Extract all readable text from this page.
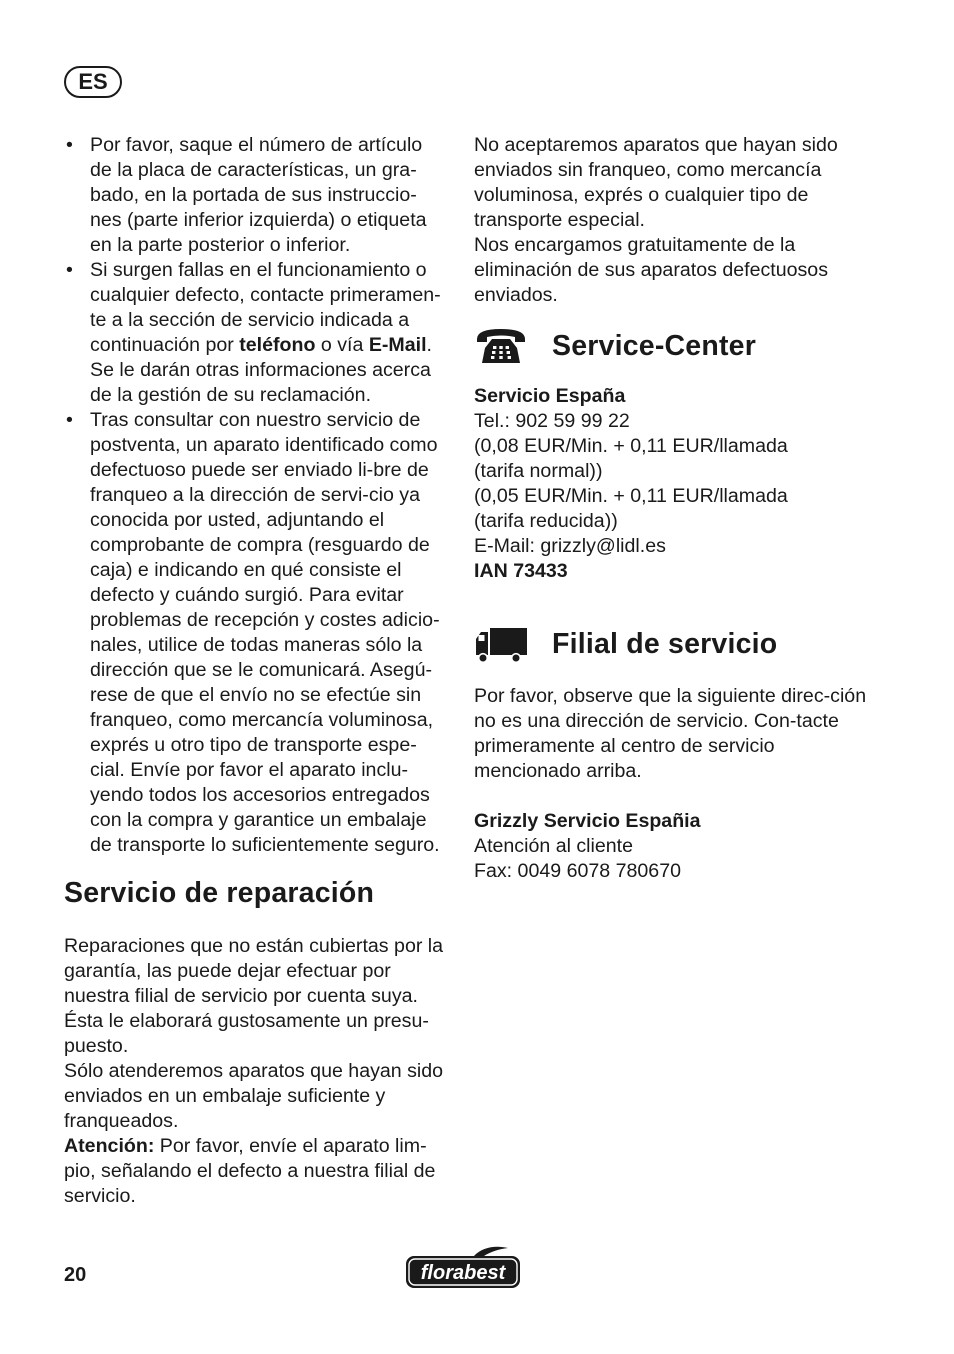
ES
• Por favor, saque el número de artículo de la placa de características, un gra-bado, en la portada de sus instruccio-nes (parte inferior izquierda) o etiqueta en la parte posterior o inferior.
• Si surgen fallas en el funcionamiento o cualquier defecto, contacte primeramen-te a la sección de servicio indicada a continuación por teléfono o vía E-Mail. Se le darán otras informaciones acerca de la gestión de su reclamación.
• Tras consultar con nuestro servicio de postventa, un aparato identificado como defectuoso puede ser enviado li-bre de franqueo a la dirección de servi-cio ya conocida por usted, adjuntando el comprobante de compra (resguardo de caja) e indicando en qué consiste el defecto y cuándo surgió. Para evitar problemas de recepción y costes adicio-nales, utilice de todas maneras sólo la dirección que se le comunicará. Asegú-rese de que el envío no se efectúe sin franqueo, como mercancía voluminosa, exprés u otro tipo de transporte espe-cial. Envíe por favor el aparato inclu-yendo todos los accesorios entregados con la compra y garantice un embalaje de transporte lo suficientemente seguro.
Servicio de reparación

Reparaciones que no están cubiertas por la garantía, las puede dejar efectuar por nuestra filial de servicio por cuenta suya. Ésta le elaborará gustosamente un presu-puesto.

Sólo atenderemos aparatos que hayan sido enviados en un embalaje suficiente y franqueados.

Atención: Por favor, envíe el aparato lim-pio, señalando el defecto a nuestra filial de servicio.

No aceptaremos aparatos que hayan sido enviados sin franqueo, como mercancía voluminosa, exprés o cualquier tipo de transporte especial.

Nos encargamos gratuitamente de la eliminación de sus aparatos defectuosos enviados.

Service-Center

Servicio España

Tel.: 902 59 99 22

(0,08 EUR/Min. + 0,11 EUR/llamada

(tarifa normal))

(0,05 EUR/Min. + 0,11 EUR/llamada

(tarifa reducida))

E-Mail: grizzly@lidl.es

IAN 73433

Filial de servicio

Por favor, observe que la siguiente direc-ción no es una dirección de servicio. Con-tacte primeramente al centro de servicio mencionado arriba.

Grizzly Servicio Españia

Atención al cliente

Fax: 0049 6078 780670

20	florabest
